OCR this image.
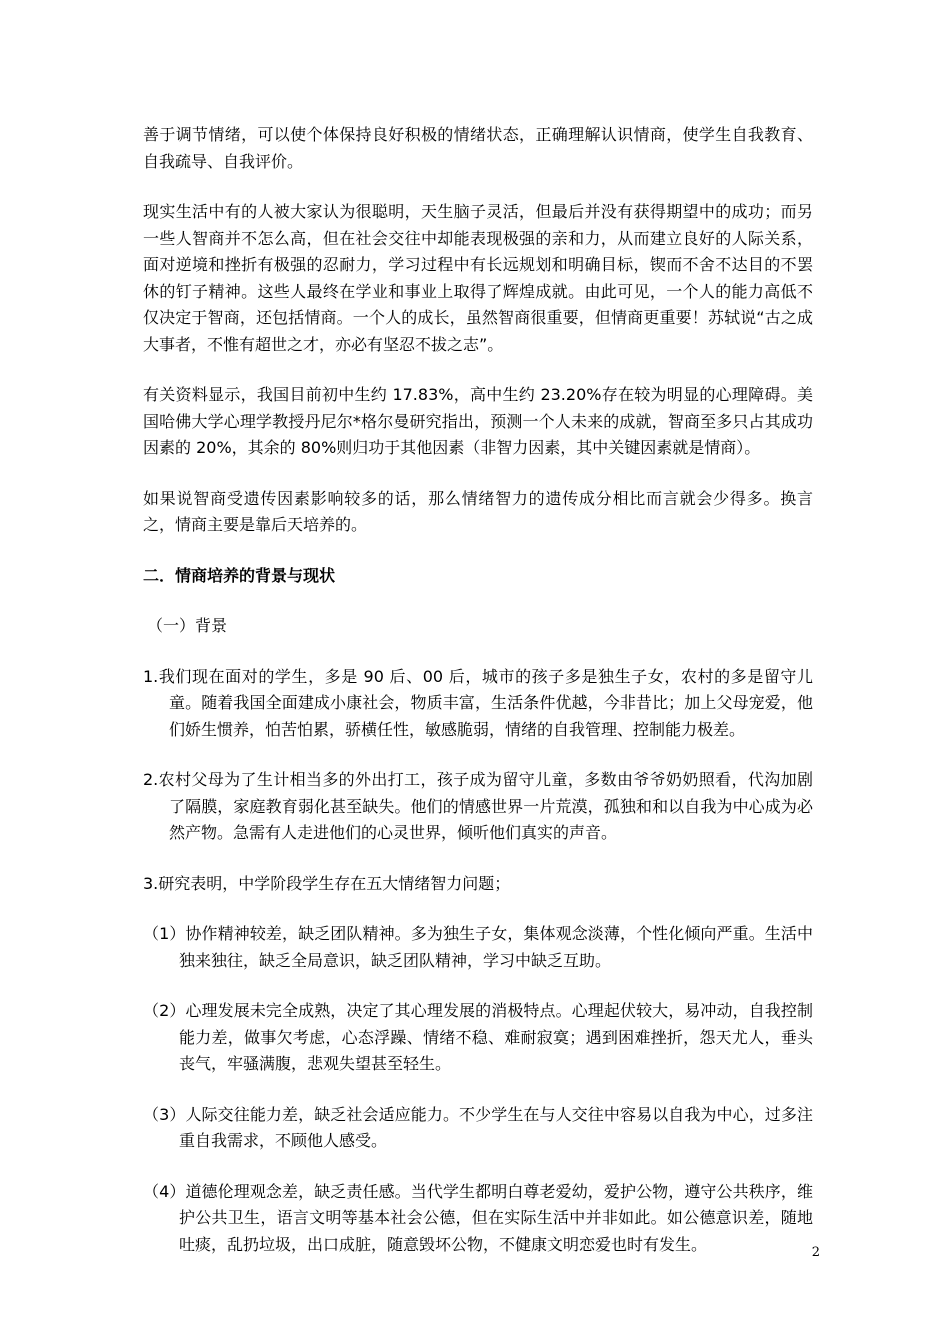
善于调节情绪，可以使个体保持良好积极的情绪状态，正确理解认识情商，使学生自我教育、自我疏导、自我评价。

现实生活中有的人被大家认为很聪明，天生脑子灵活，但最后并没有获得期望中的成功；而另一些人智商并不怎么高，但在社会交往中却能表现极强的亲和力，从而建立良好的人际关系，面对逆境和挫折有极强的忍耐力，学习过程中有长远规划和明确目标，锲而不舍不达目的不罢休的钉子精神。这些人最终在学业和事业上取得了辉煌成就。由此可见，一个人的能力高低不仅决定于智商，还包括情商。一个人的成长，虽然智商很重要，但情商更重要！苏轼说“古之成大事者，不惟有超世之才，亦必有坚忍不拔之志”。

有关资料显示，我国目前初中生约 17.83%，高中生约 23.20%存在较为明显的心理障碍。美国哈佛大学心理学教授丹尼尔*格尔曼研究指出，预测一个人未来的成就，智商至多只占其成功因素的 20%，其余的 80%则归功于其他因素（非智力因素，其中关键因素就是情商）。

如果说智商受遗传因素影响较多的话，那么情绪智力的遗传成分相比而言就会少得多。换言之，情商主要是靠后天培养的。

二．情商培养的背景与现状

（一）背景

1.我们现在面对的学生，多是 90 后、00 后，城市的孩子多是独生子女，农村的多是留守儿童。随着我国全面建成小康社会，物质丰富，生活条件优越，今非昔比；加上父母宠爱，他们娇生惯养，怕苦怕累，骄横任性，敏感脆弱，情绪的自我管理、控制能力极差。

2.农村父母为了生计相当多的外出打工，孩子成为留守儿童，多数由爷爷奶奶照看，代沟加剧了隔膜，家庭教育弱化甚至缺失。他们的情感世界一片荒漠，孤独和和以自我为中心成为必然产物。急需有人走进他们的心灵世界，倾听他们真实的声音。

3.研究表明，中学阶段学生存在五大情绪智力问题；

（1）协作精神较差，缺乏团队精神。多为独生子女，集体观念淡薄，个性化倾向严重。生活中独来独往，缺乏全局意识，缺乏团队精神，学习中缺乏互助。

（2）心理发展未完全成熟，决定了其心理发展的消极特点。心理起伏较大，易冲动，自我控制能力差，做事欠考虑，心态浮躁、情绪不稳、难耐寂寞；遇到困难挫折，怨天尤人，垂头丧气，牢骚满腹，悲观失望甚至轻生。

（3）人际交往能力差，缺乏社会适应能力。不少学生在与人交往中容易以自我为中心，过多注重自我需求，不顾他人感受。

（4）道德伦理观念差，缺乏责任感。当代学生都明白尊老爱幼，爱护公物，遵守公共秩序，维护公共卫生，语言文明等基本社会公德，但在实际生活中并非如此。如公德意识差，随地吐痰，乱扔垃圾，出口成脏，随意毁坏公物，不健康文明恋爱也时有发生。	2
